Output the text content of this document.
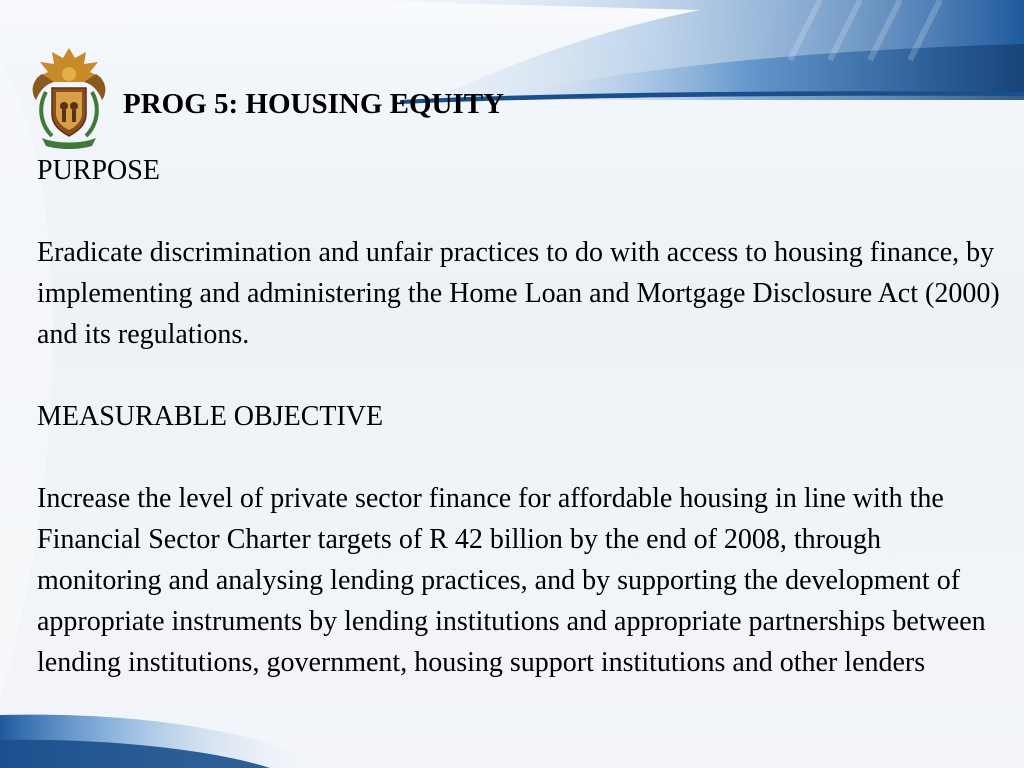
PROG 5: HOUSING EQUITY

PURPOSE

Eradicate discrimination and unfair practices to do with access to housing finance, by implementing and administering the Home Loan and Mortgage Disclosure Act (2000) and its regulations.

MEASURABLE OBJECTIVE

Increase the level of private sector finance for affordable housing in line with the Financial Sector Charter targets of R 42 billion by the end of 2008, through monitoring and analysing lending practices, and by supporting the development of appropriate instruments by lending institutions and appropriate partnerships between lending institutions, government, housing support institutions and other lenders
